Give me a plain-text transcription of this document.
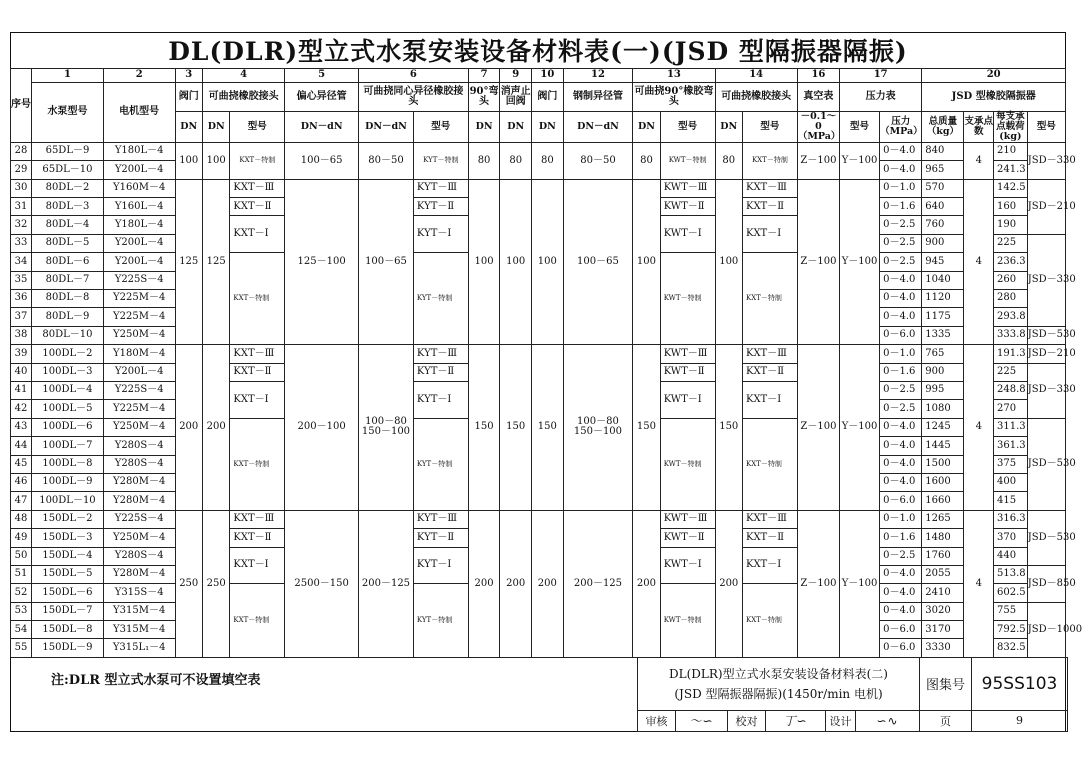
DL(DLR)型立式水泵安装设备材料表(一)(JSD 型隔振器隔振)
序号	1	2	3	4		5	6		7	9	10	12	13		14		16	17		20			
	水泵型号	电机型号	阀门	可曲挠橡胶接头		偏心异径管	可曲挠同心异径橡胶接头		90°弯头	消声止回阀	阀门	钢制异径管	可曲挠90°橡胶弯头		可曲挠橡胶接头		真空表	压力表		JSD 型橡胶隔振器			
			DN	DN	型号	DN－dN	DN－dN	型号	DN	DN	DN	DN－dN	DN	型号	DN	型号	－0.1～0（MPa）	型号	压力（MPa）	总质量（kg）	支承点数	每支承点载荷(kg)	型号
28	65DL－9	Y180L－4	100	100	KXT－特制	100－65	80－50	KYT－特制	80	80	80	80－50	80	KWT－特制	80	KXT－特制	Z－100	Y－100	0－4.0	840	4	210	JSD－330
29	65DL－10	Y200L－4																	0－4.0	965		241.3	
30	80DL－2	Y160M－4	125	125	KXT－Ⅲ	125－100	100－65	KYT－Ⅲ	100	100	100	100－65	100	KWT－Ⅲ	100	KXT－Ⅲ	Z－100	Y－100	0－1.0	570	4	142.5	JSD－210
31	80DL－3	Y160L－4			KXT－Ⅱ			KYT－Ⅱ						KWT－Ⅱ		KXT－Ⅱ			0－1.6	640		160	
32	80DL－4	Y180L－4			KXT－Ⅰ			KYT－Ⅰ						KWT－Ⅰ		KXT－Ⅰ			0－2.5	760		190	
33	80DL－5	Y200L－4																	0－2.5	900		225	JSD－330
34	80DL－6	Y200L－4			KXT－特制			KYT－特制						KWT－特制		KXT－特制			0－2.5	945		236.3	
35	80DL－7	Y225S－4																	0－4.0	1040		260	
36	80DL－8	Y225M－4																	0－4.0	1120		280	
37	80DL－9	Y225M－4																	0－4.0	1175		293.8	
38	80DL－10	Y250M－4																	0－6.0	1335		333.8	JSD－530
39	100DL－2	Y180M－4	200	200	KXT－Ⅲ	200－100	100－80
150－100	KYT－Ⅲ	150	150	150	100－80
150－100	150	KWT－Ⅲ	150	KXT－Ⅲ	Z－100	Y－100	0－1.0	765	4	191.3	JSD－210
40	100DL－3	Y200L－4			KXT－Ⅱ			KYT－Ⅱ						KWT－Ⅱ		KXT－Ⅱ			0－1.6	900		225	JSD－330
41	100DL－4	Y225S－4			KXT－Ⅰ			KYT－Ⅰ						KWT－Ⅰ		KXT－Ⅰ			0－2.5	995		248.8	
42	100DL－5	Y225M－4																	0－2.5	1080		270	
43	100DL－6	Y250M－4			KXT－特制			KYT－特制						KWT－特制		KXT－特制			0－4.0	1245		311.3	JSD－530
44	100DL－7	Y280S－4																	0－4.0	1445		361.3	
45	100DL－8	Y280S－4																	0－4.0	1500		375	
46	100DL－9	Y280M－4																	0－4.0	1600		400	
47	100DL－10	Y280M－4																	0－6.0	1660		415	
48	150DL－2	Y225S－4	250	250	KXT－Ⅲ	2500－150	200－125	KYT－Ⅲ	200	200	200	200－125	200	KWT－Ⅲ	200	KXT－Ⅲ	Z－100	Y－100	0－1.0	1265	4	316.3	JSD－530
49	150DL－3	Y250M－4			KXT－Ⅱ			KYT－Ⅱ						KWT－Ⅱ		KXT－Ⅱ			0－1.6	1480		370	
50	150DL－4	Y280S－4			KXT－Ⅰ			KYT－Ⅰ						KWT－Ⅰ		KXT－Ⅰ			0－2.5	1760		440	
51	150DL－5	Y280M－4																	0－4.0	2055		513.8	JSD－850
52	150DL－6	Y315S－4			KXT－特制			KYT－特制						KWT－特制		KXT－特制			0－4.0	2410		602.5	
53	150DL－7	Y315M－4																	0－4.0	3020		755	JSD－1000
54	150DL－8	Y315M－4																	0－6.0	3170		792.5	
55	150DL－9	Y315L₁－4																	0－6.0	3330		832.5	
注:DLR 型立式水泵可不设置填空表	DL(DLR)型立式水泵安装设备材料表(二)
(JSD 型隔振器隔振)(1450r/min 电机)						图集号	95SS103
审核	～∽	校对	丁∽	设计	∽∿	页	9
